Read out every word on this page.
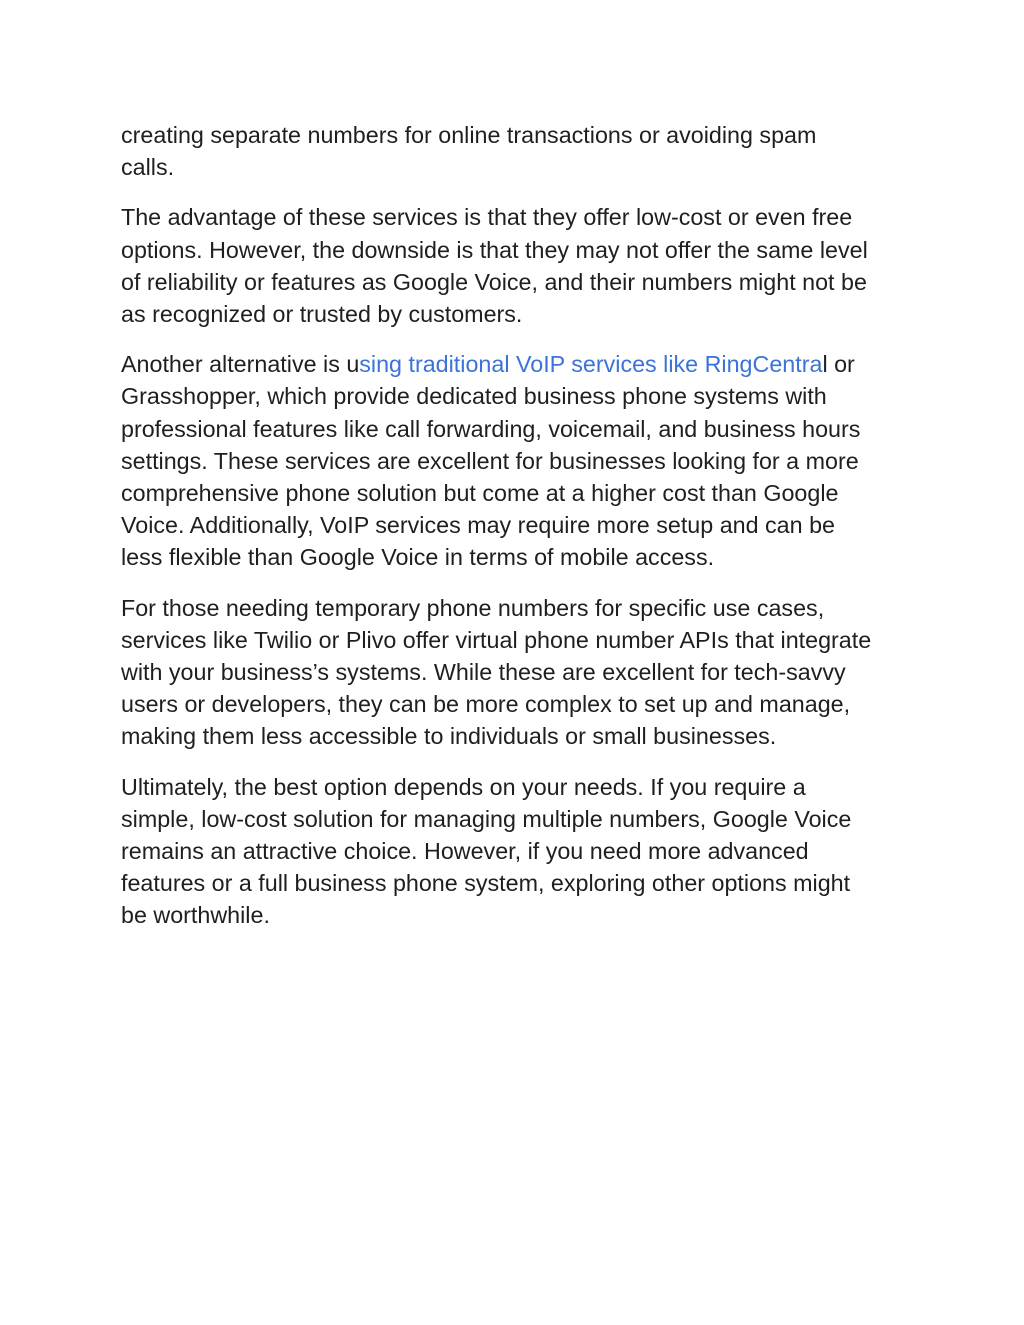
creating separate numbers for online transactions or avoiding spam
calls.

The advantage of these services is that they offer low-cost or even free
options. However, the downside is that they may not offer the same level
of reliability or features as Google Voice, and their numbers might not be
as recognized or trusted by customers.

Another alternative is using traditional VoIP services like RingCentral or
Grasshopper, which provide dedicated business phone systems with
professional features like call forwarding, voicemail, and business hours
settings. These services are excellent for businesses looking for a more
comprehensive phone solution but come at a higher cost than Google
Voice. Additionally, VoIP services may require more setup and can be
less flexible than Google Voice in terms of mobile access.

For those needing temporary phone numbers for specific use cases,
services like Twilio or Plivo offer virtual phone number APIs that integrate
with your business’s systems. While these are excellent for tech-savvy
users or developers, they can be more complex to set up and manage,
making them less accessible to individuals or small businesses.

Ultimately, the best option depends on your needs. If you require a
simple, low-cost solution for managing multiple numbers, Google Voice
remains an attractive choice. However, if you need more advanced
features or a full business phone system, exploring other options might
be worthwhile.
